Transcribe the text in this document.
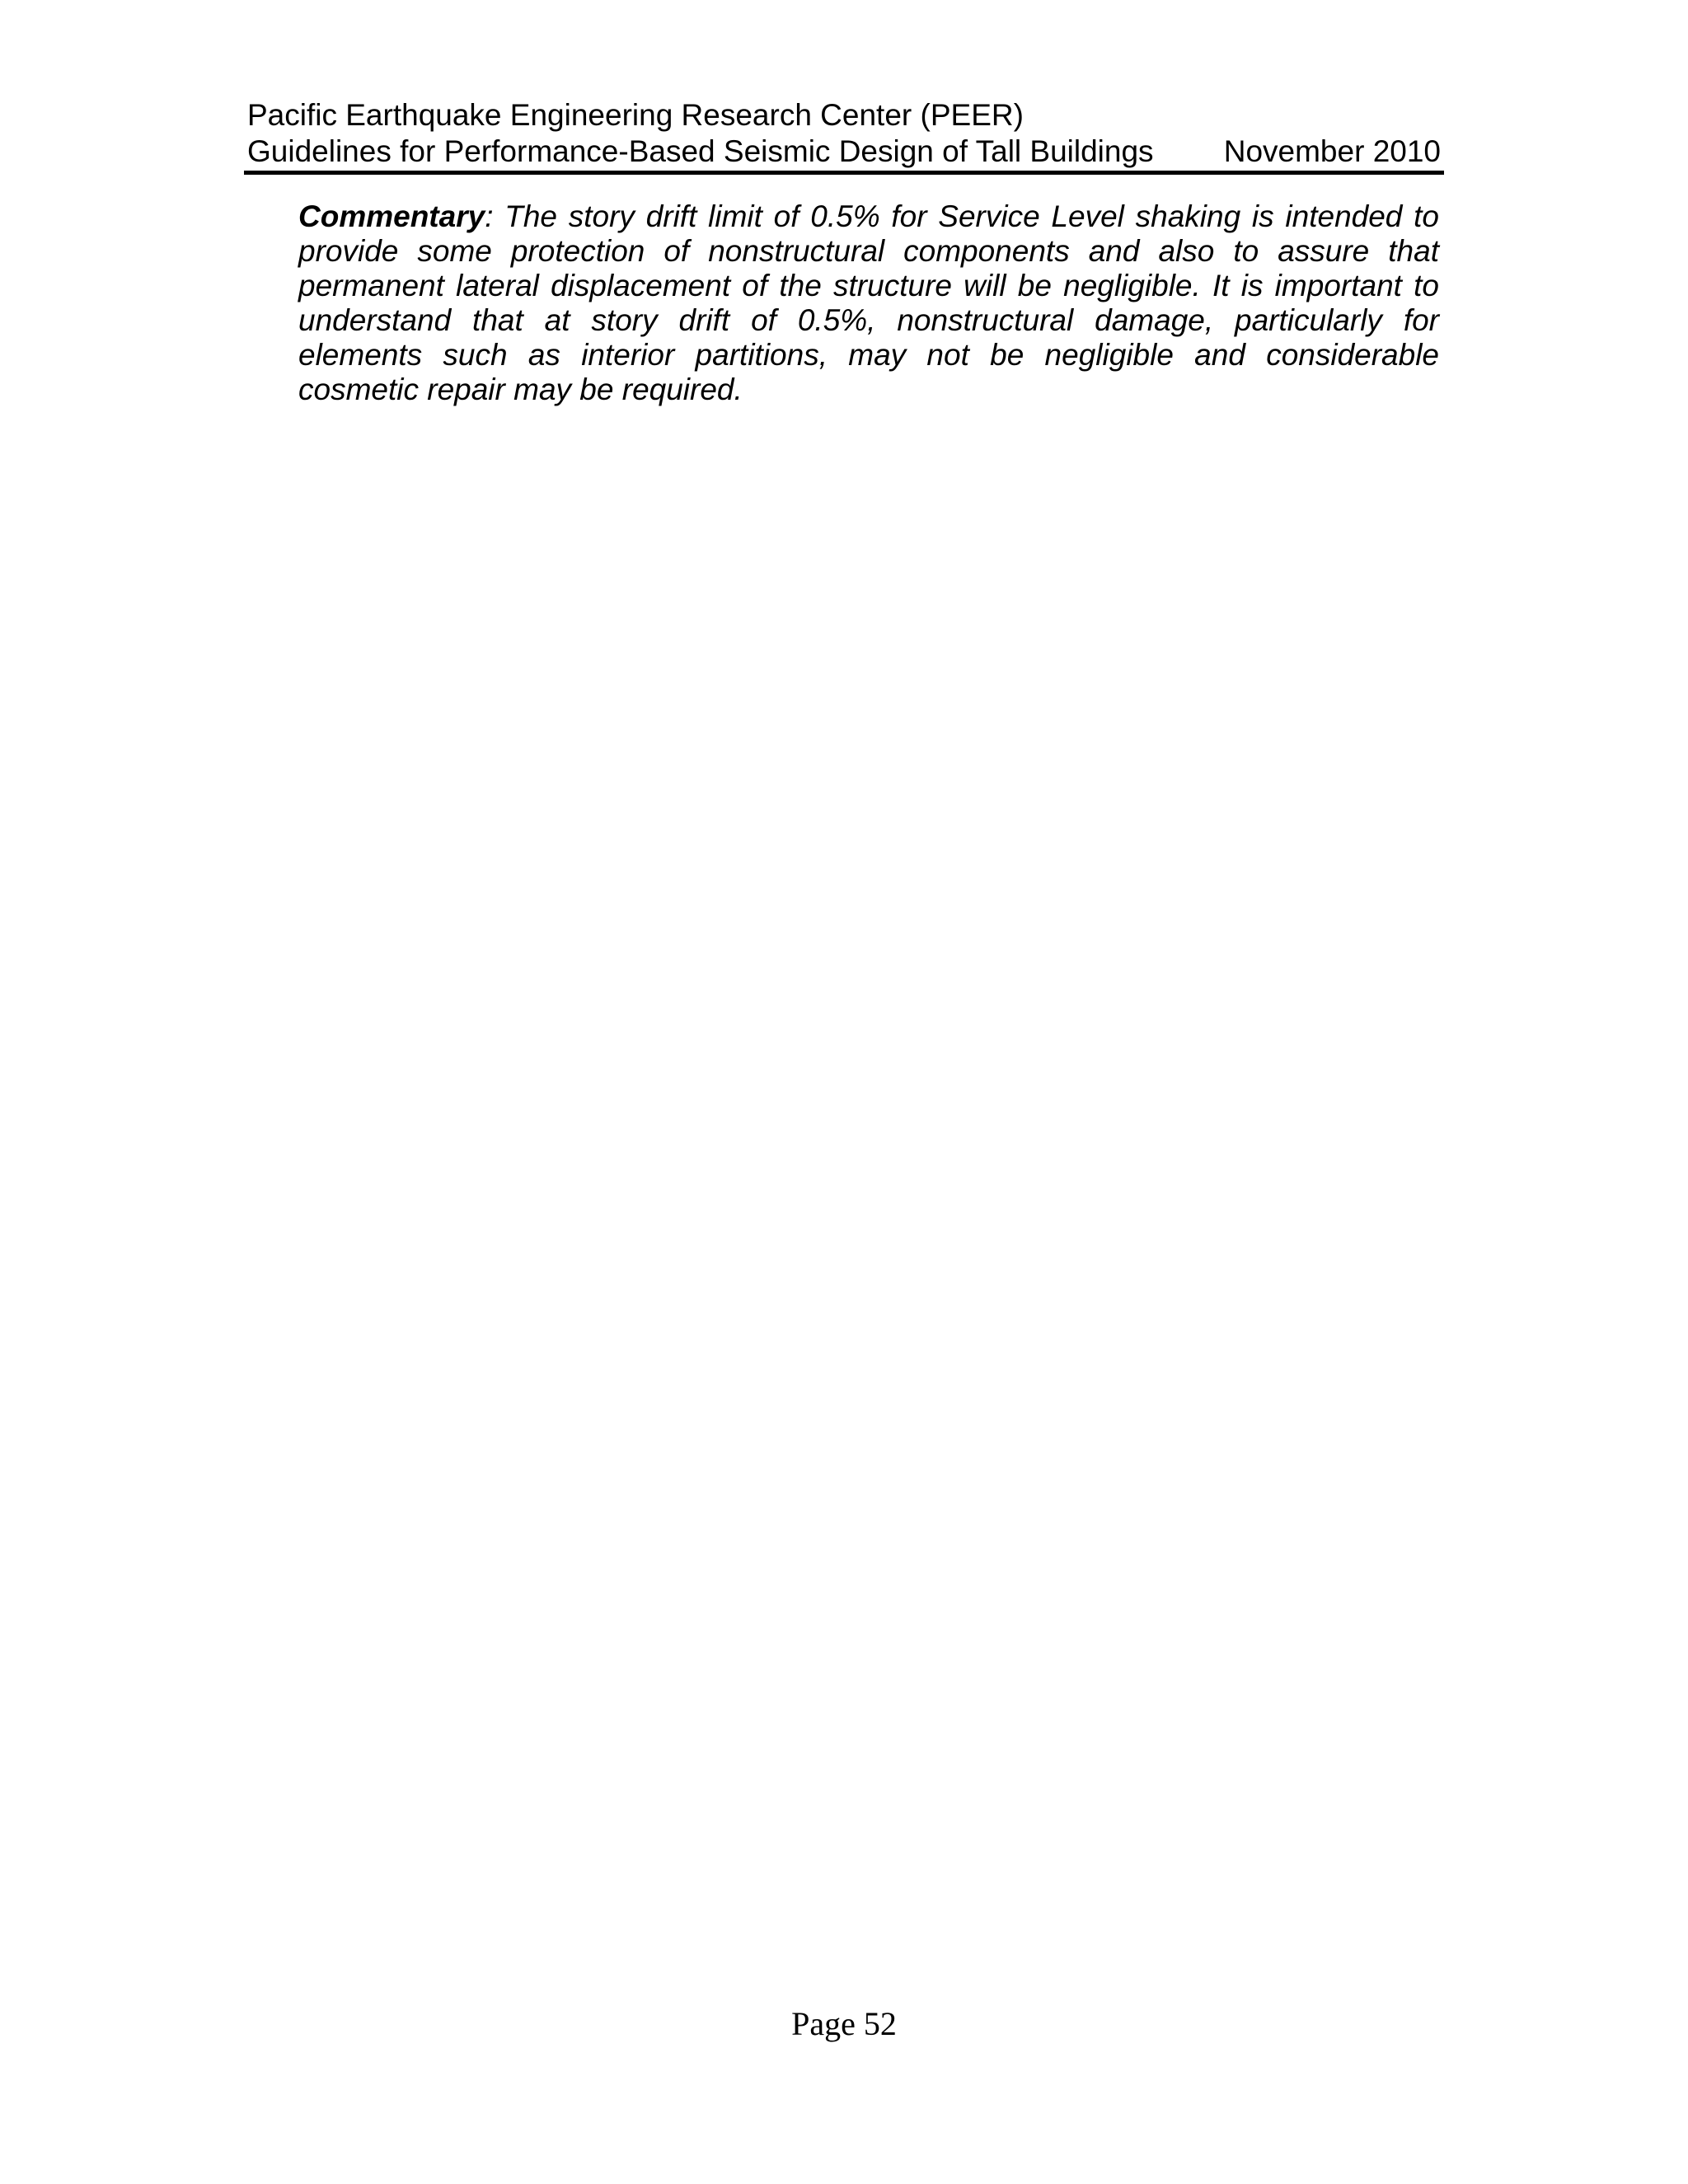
Pacific Earthquake Engineering Research Center (PEER)
Guidelines for Performance-Based Seismic Design of Tall Buildings November 2010

Commentary: The story drift limit of 0.5% for Service Level shaking is intended to provide some protection of nonstructural components and also to assure that permanent lateral displacement of the structure will be negligible. It is important to understand that at story drift of 0.5%, nonstructural damage, particularly for elements such as interior partitions, may not be negligible and considerable cosmetic repair may be required.

Page 52
